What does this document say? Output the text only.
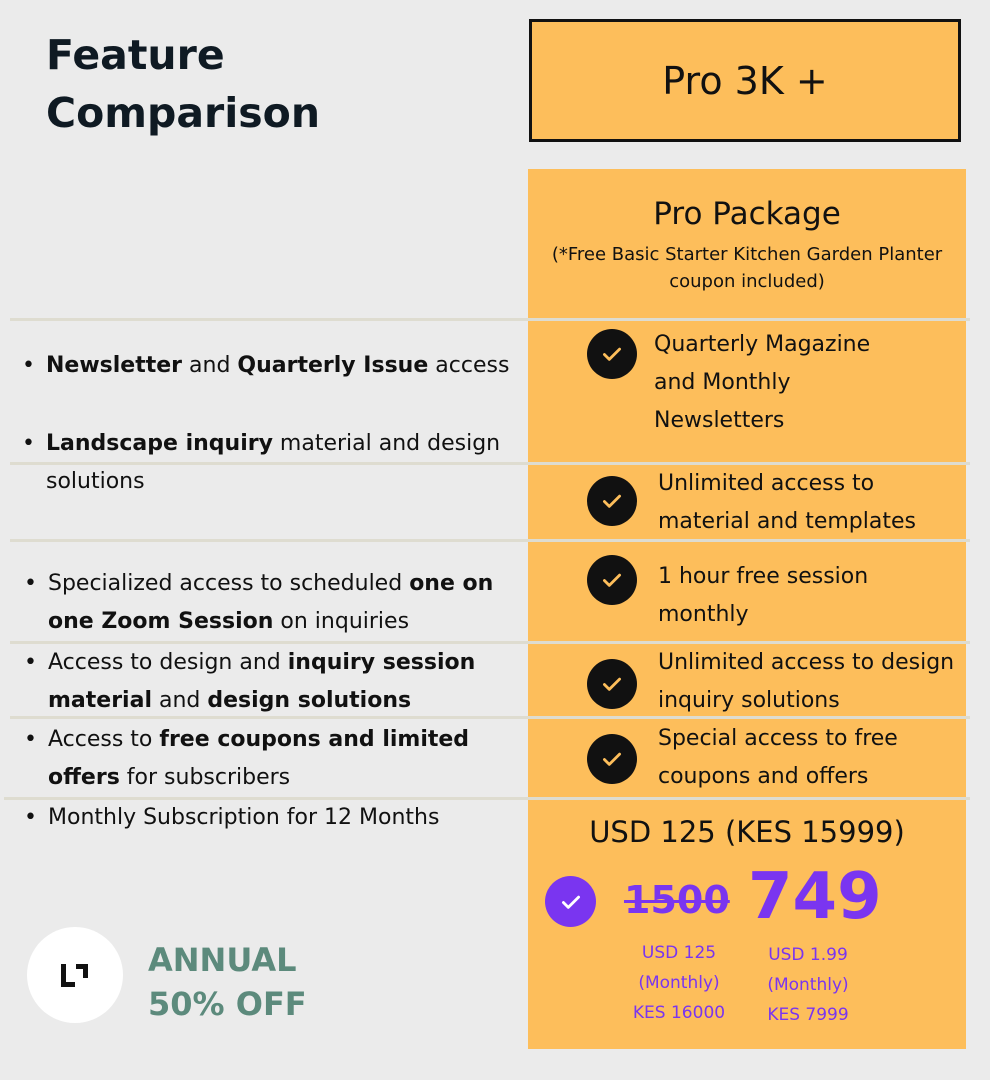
Feature
Comparison
Pro 3K +
Pro Package
(*Free Basic Starter Kitchen Garden Planter
coupon included)
• Newsletter and Quarterly Issue access
• Landscape inquiry material and design solutions
• Specialized access to scheduled one on one Zoom Session on inquiries
• Access to design and inquiry session material and design solutions
• Access to free coupons and limited offers for subscribers
• Monthly Subscription for 12 Months
Quarterly Magazine and Monthly Newsletters
Unlimited access to material and templates
1 hour free session monthly
Unlimited access to design inquiry solutions
Special access to free coupons and offers
USD 125 (KES 15999)
1500 749
USD 125
(Monthly)
KES 16000
USD 1.99
(Monthly)
KES 7999
ANNUAL
50% OFF
